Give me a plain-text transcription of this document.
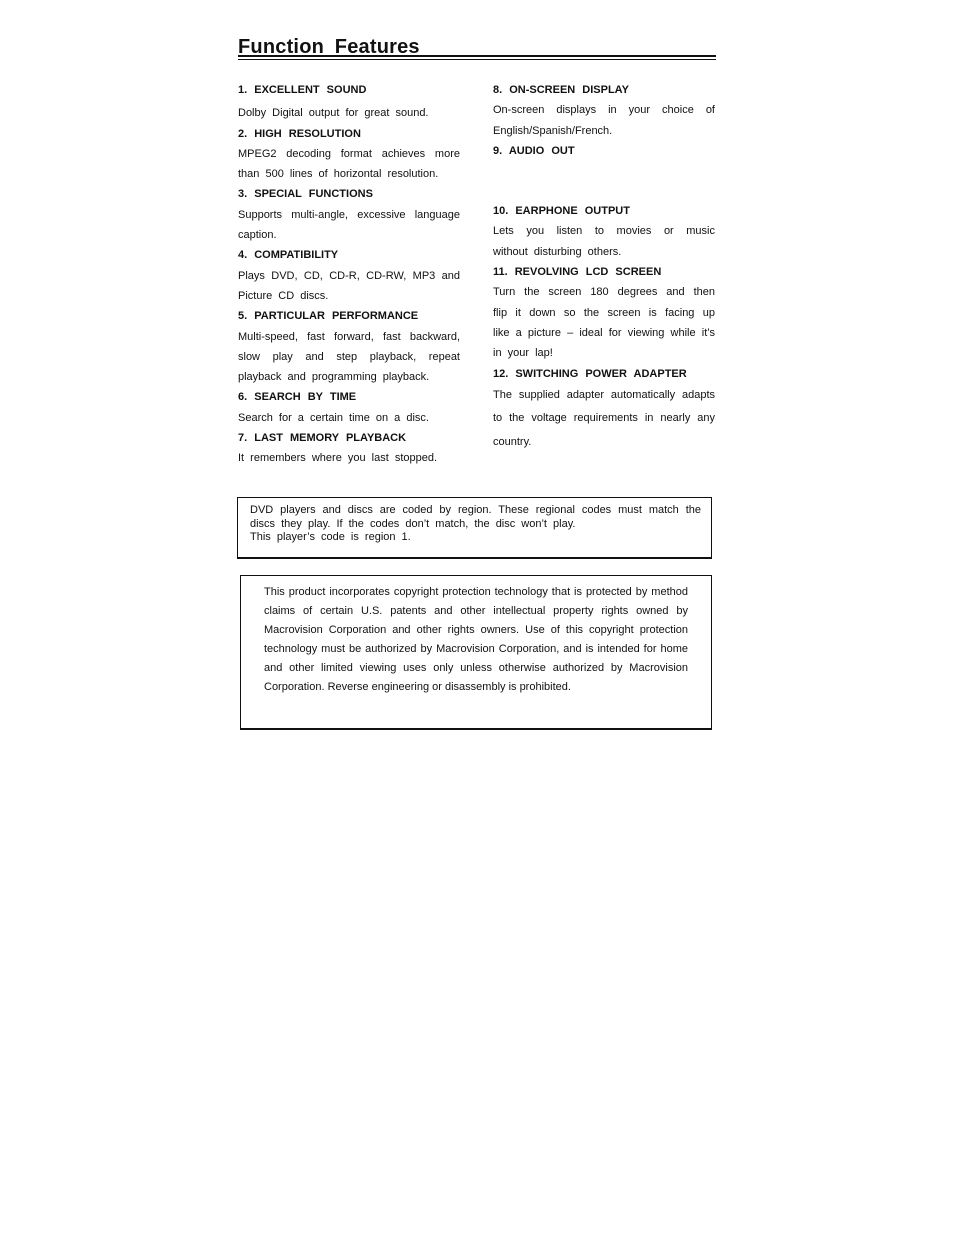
Function Features
1. EXCELLENT SOUND
Dolby Digital output for great sound.
2. HIGH RESOLUTION
MPEG2 decoding format achieves more than 500 lines of horizontal resolution.
3. SPECIAL FUNCTIONS
Supports multi-angle, excessive language caption.
4. COMPATIBILITY
Plays DVD, CD, CD-R, CD-RW, MP3 and Picture CD discs.
5. PARTICULAR PERFORMANCE
Multi-speed, fast forward, fast backward, slow play and step playback, repeat playback and programming playback.
6. SEARCH BY TIME
Search for a certain time on a disc.
7. LAST MEMORY PLAYBACK
It remembers where you last stopped.
8. ON-SCREEN DISPLAY
On-screen displays in your choice of English/Spanish/French.
9. AUDIO OUT
10. EARPHONE OUTPUT
Lets you listen to movies or music without disturbing others.
11. REVOLVING LCD SCREEN
Turn the screen 180 degrees and then flip it down so the screen is facing up like a picture – ideal for viewing while it’s in your lap!
12. SWITCHING POWER ADAPTER
The supplied adapter automatically adapts to the voltage requirements in nearly any country.
DVD players and discs are coded by region. These regional codes must match the discs they play. If the codes don’t match, the disc won’t play.
This player’s code is region 1.
This product incorporates copyright protection technology that is protected by method claims of certain U.S. patents and other intellectual property rights owned by Macrovision Corporation and other rights owners. Use of this copyright protection technology must be authorized by Macrovision Corporation, and is intended for home and other limited viewing uses only unless otherwise authorized by Macrovision Corporation. Reverse engineering or disassembly is prohibited.
